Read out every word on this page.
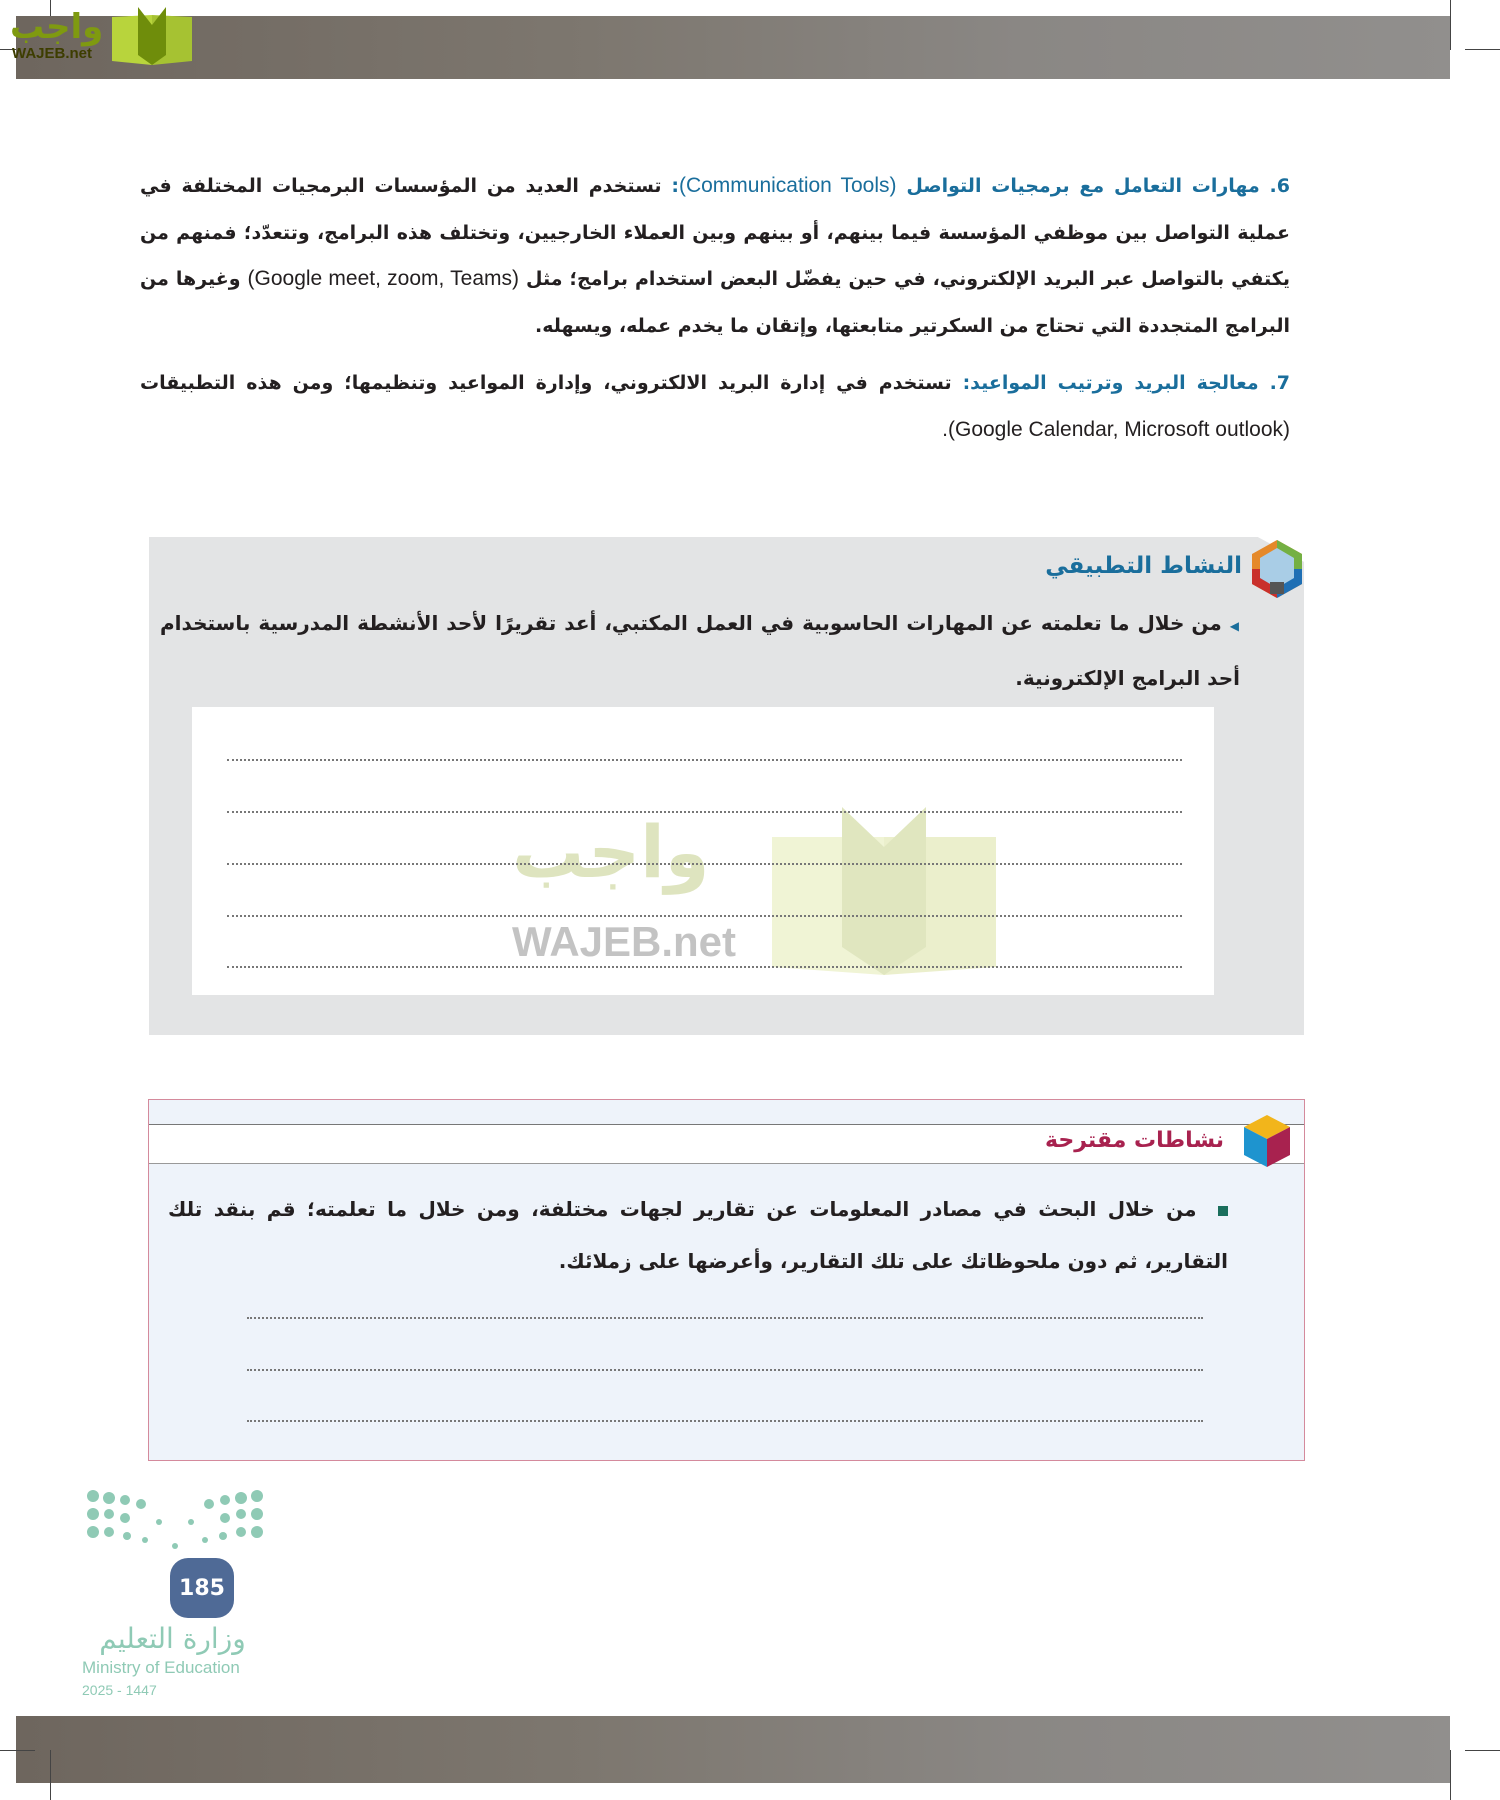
واجب
WAJEB.net
6. مهارات التعامل مع برمجيات التواصل (Communication Tools): تستخدم العديد من المؤسسات البرمجيات المختلفة في عملية التواصل بين موظفي المؤسسة فيما بينهم، أو بينهم وبين العملاء الخارجيين، وتختلف هذه البرامج، وتتعدّد؛ فمنهم من يكتفي بالتواصل عبر البريد الإلكتروني، في حين يفضّل البعض استخدام برامج؛ مثل (Google meet, zoom, Teams) وغيرها من البرامج المتجددة التي تحتاج من السكرتير متابعتها، وإتقان ما يخدم عمله، ويسهله.
7. معالجة البريد وترتيب المواعيد: تستخدم في إدارة البريد الالكتروني، وإدارة المواعيد وتنظيمها؛ ومن هذه التطبيقات (Google Calendar, Microsoft outlook).
النشاط التطبيقي
◀ من خلال ما تعلمته عن المهارات الحاسوبية في العمل المكتبي، أعد تقريرًا لأحد الأنشطة المدرسية باستخدام أحد البرامج الإلكترونية.
واجب
WAJEB.net
نشاطات مقترحة
من خلال البحث في مصادر المعلومات عن تقارير لجهات مختلفة، ومن خلال ما تعلمته؛ قم بنقد تلك التقارير، ثم دون ملحوظاتك على تلك التقارير، وأعرضها على زملائك.
وزارة التعليم
Ministry of Education
2025 - 1447
185
